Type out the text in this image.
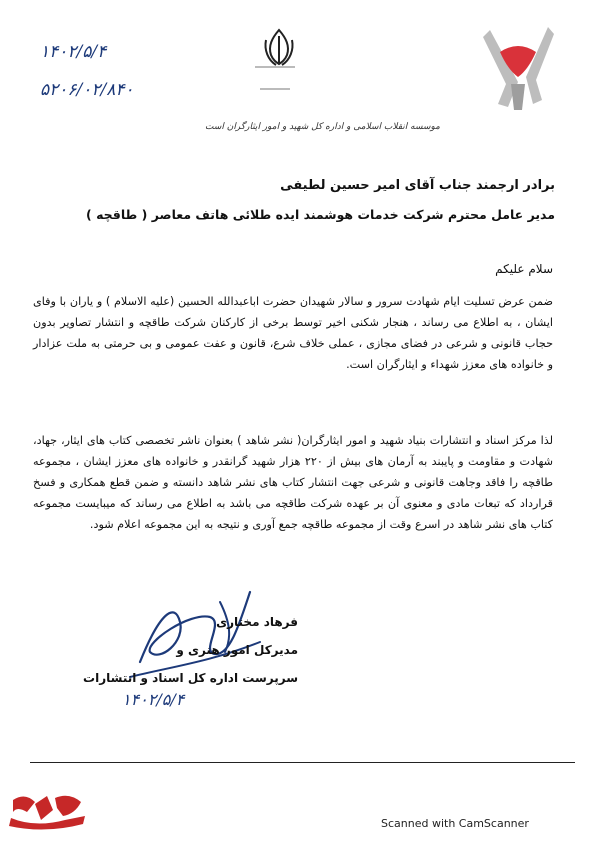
۱۴۰۲/۵/۴
۵۲۰۶/۰۲/۸۴۰
موسسه انقلاب اسلامی و اداره کل شهید و امور ایثارگران است
برادر ارجمند جناب آقای امیر حسین لطیفی
مدیر عامل محترم شرکت خدمات هوشمند ایده طلائی هاتف معاصر ( طاقچه )
سلام علیکم
ضمن عرض تسلیت ایام شهادت سرور و سالار شهیدان حضرت اباعبدالله الحسین (علیه الاسلام ) و یاران با وفای ایشان ، به اطلاع می رساند ، هنجار شکنی اخیر توسط برخی از کارکنان شرکت طاقچه و انتشار تصاویر بدون حجاب قانونی و شرعی در فضای مجازی ، عملی خلاف شرع، قانون و عفت عمومی و بی حرمتی به ملت عزادار و خانواده های معزز شهداء و ایثارگران است.
لذا مرکز اسناد و انتشارات بنیاد شهید و امور ایثارگران( نشر شاهد ) بعنوان ناشر تخصصی کتاب های ایثار، جهاد، شهادت و مقاومت و پایبند به آرمان های بیش از ۲۲۰ هزار شهید گرانقدر و خانواده های معزز ایشان ، مجموعه طاقچه را فاقد وجاهت قانونی و شرعی جهت انتشار کتاب های نشر شاهد دانسته و ضمن قطع همکاری و فسخ قرارداد که تبعات مادی و معنوی آن بر عهده شرکت طاقچه می باشد به اطلاع می رساند که میبایست مجموعه کتاب های نشر شاهد در اسرع وقت از مجموعه طاقچه جمع آوری و نتیجه به این مجموعه اعلام شود.
فرهاد مختاری
مدیرکل امور هنری و
سرپرست اداره کل اسناد و انتشارات
۱۴۰۲/۵/۴
Scanned with CamScanner
